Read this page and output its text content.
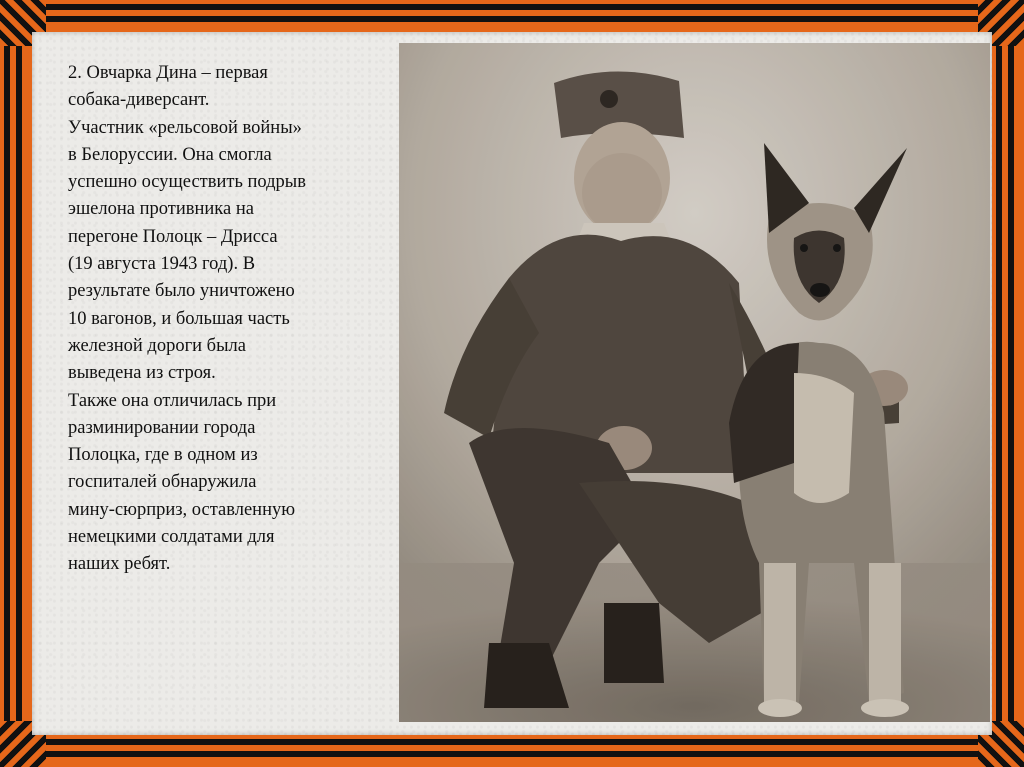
2. Овчарка Дина – первая
собака-диверсант.

Участник «рельсовой войны»
в Белоруссии. Она смогла
успешно осуществить подрыв
эшелона противника на
перегоне Полоцк – Дрисса
(19 августа 1943 год). В
результате было уничтожено
10 вагонов, и большая часть
железной дороги была
выведена из строя.

Также она отличилась при
разминировании города
Полоцка, где в одном из
госпиталей обнаружила
мину-сюрприз, оставленную
немецкими солдатами для
наших ребят.
